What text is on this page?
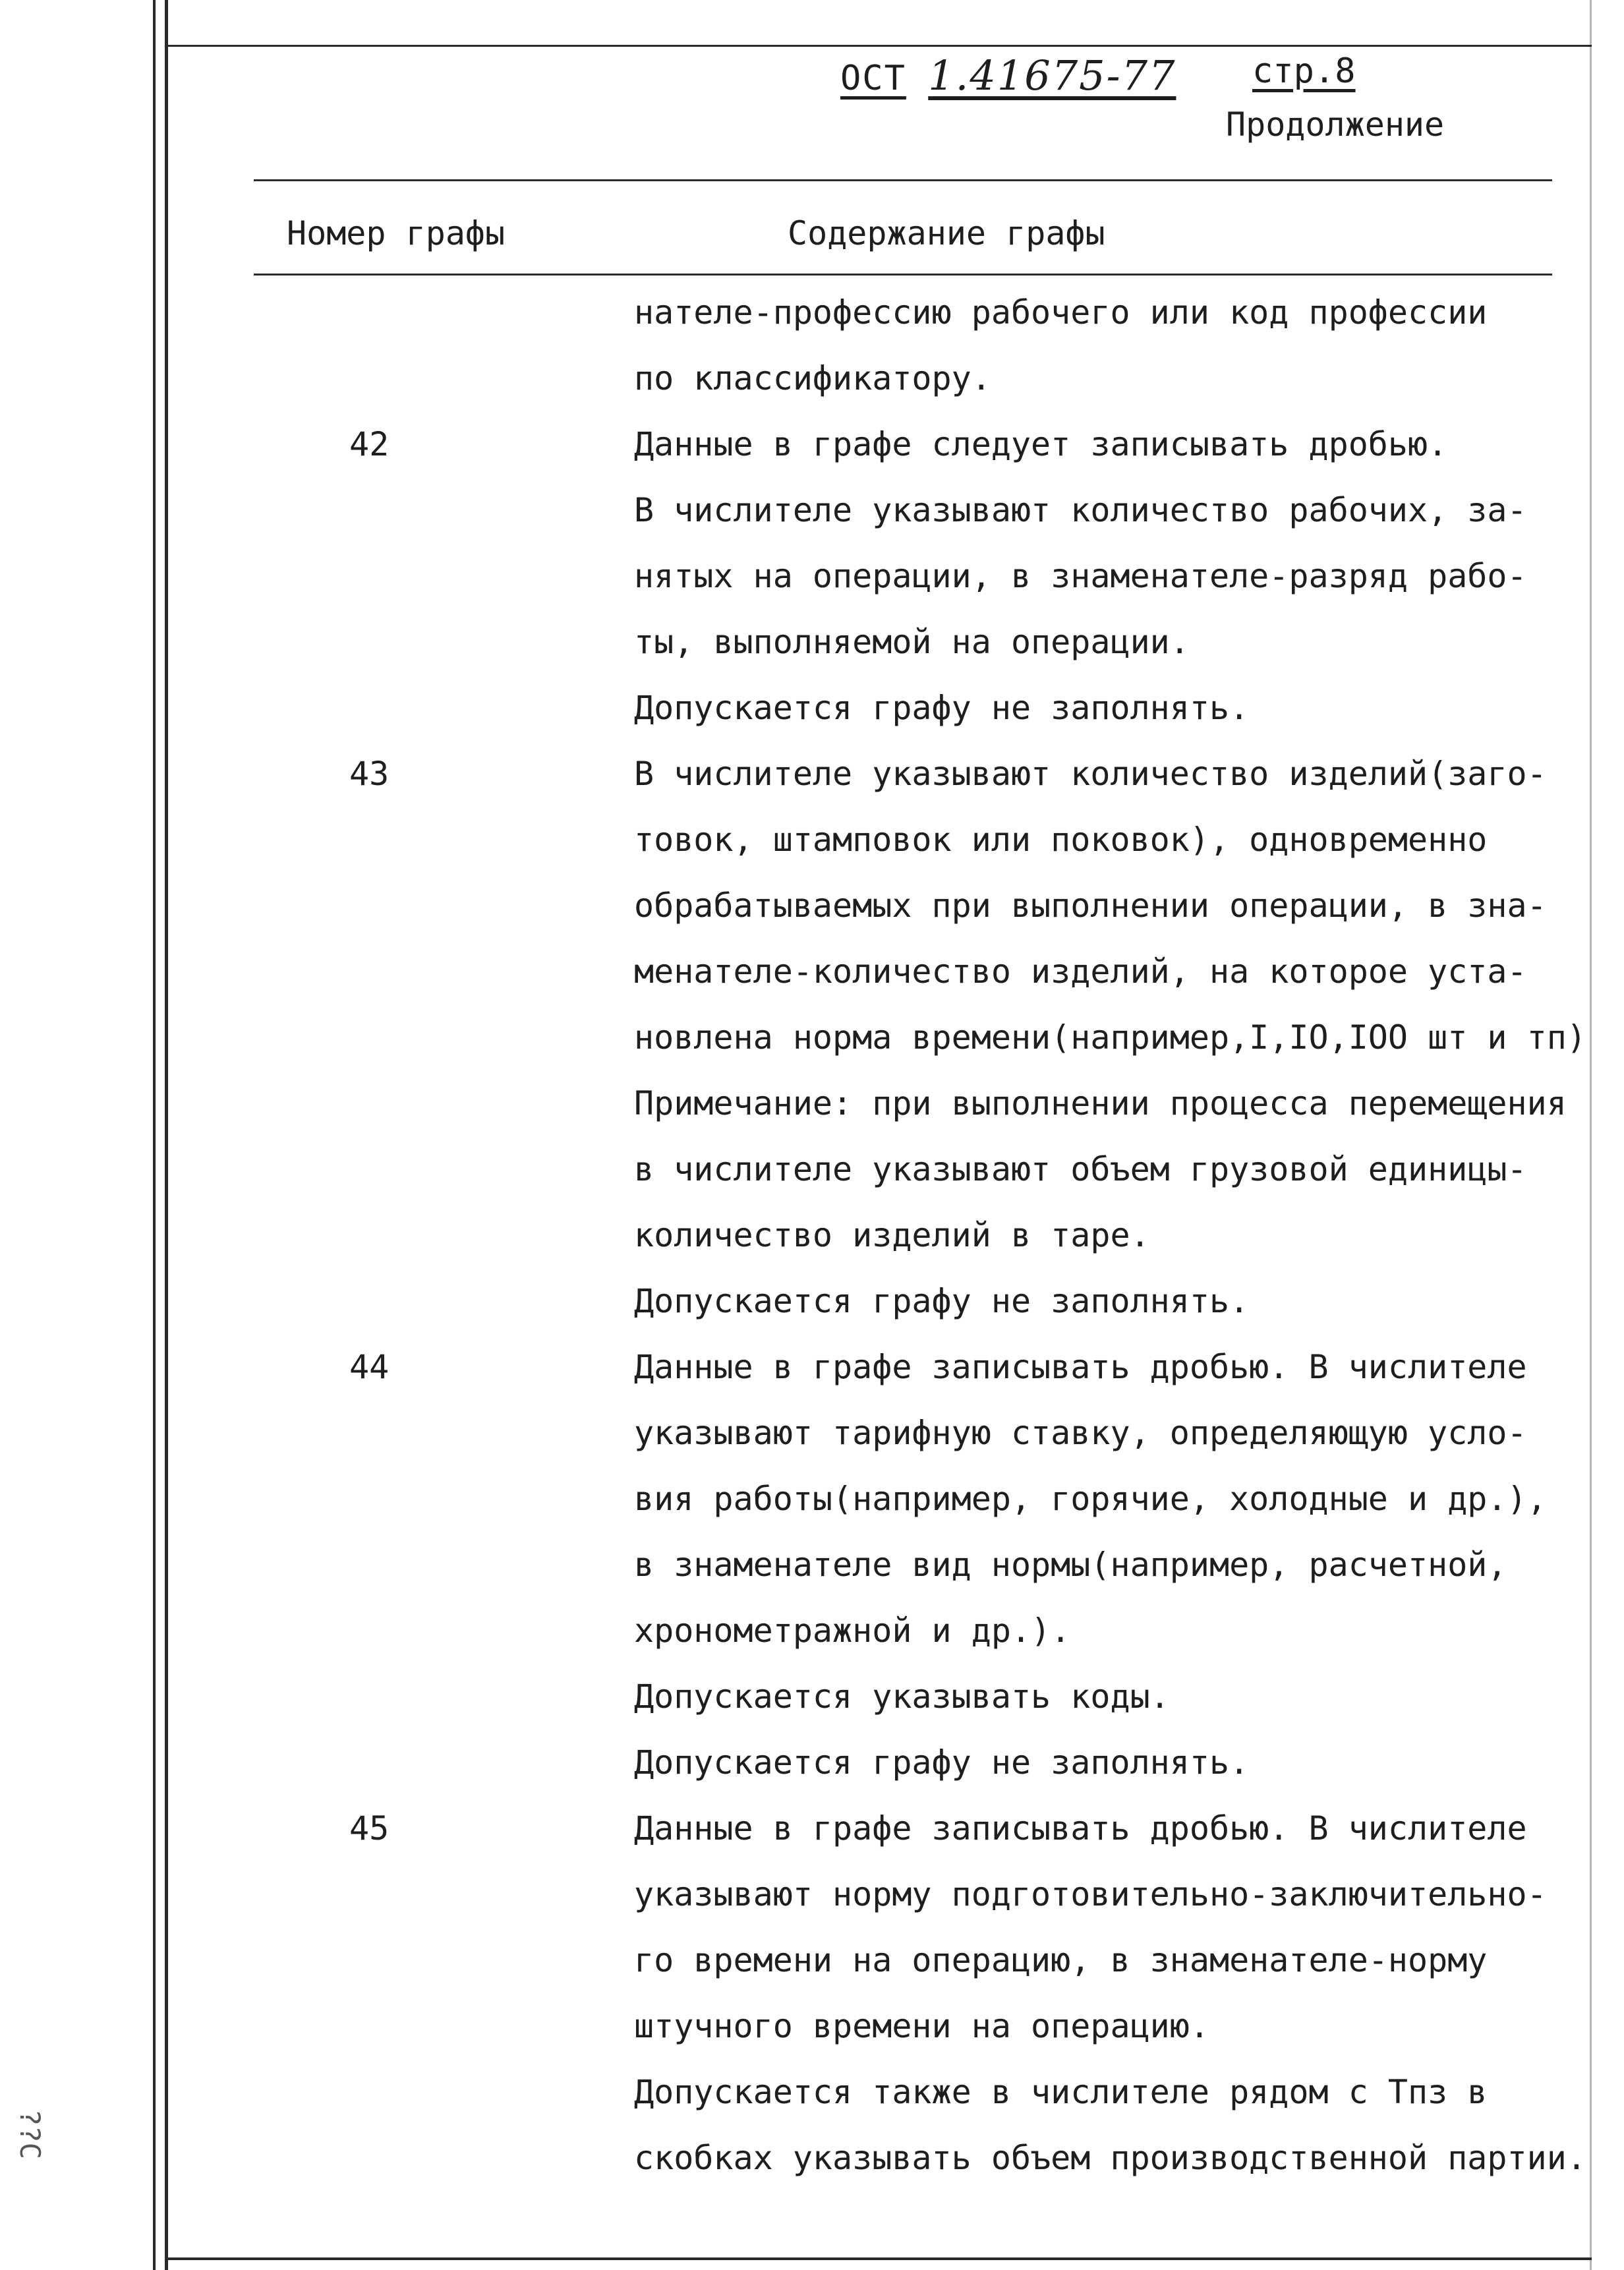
ОСТ 1.41675-77 стр.8
Продолжение
Номер графы	Содержание графы
нателе-профессию рабочего или код профессии
по классификатору.
42	Данные в графе следует записывать дробью.
В числителе указывают количество рабочих, за-
нятых на операции, в знаменателе-разряд рабо-
ты, выполняемой на операции.
Допускается графу не заполнять.
43	В числителе указывают количество изделий(заго-
товок, штамповок или поковок), одновременно
обрабатываемых при выполнении операции, в зна-
менателе-количество изделий, на которое уста-
новлена норма времени(например,I,IO,IOO шт и тп)
Примечание: при выполнении процесса перемещения
в числителе указывают объем грузовой единицы-
количество изделий в таре.
Допускается графу не заполнять.
44	Данные в графе записывать дробью. В числителе
указывают тарифную ставку, определяющую усло-
вия работы(например, горячие, холодные и др.),
в знаменателе вид нормы(например, расчетной,
хронометражной и др.).
Допускается указывать коды.
Допускается графу не заполнять.
45	Данные в графе записывать дробью. В числителе
указывают норму подготовительно-заключительно-
го времени на операцию, в знаменателе-норму
штучного времени на операцию.
Допускается также в числителе рядом с Тпз в
скобках указывать объем производственной партии.
??С
